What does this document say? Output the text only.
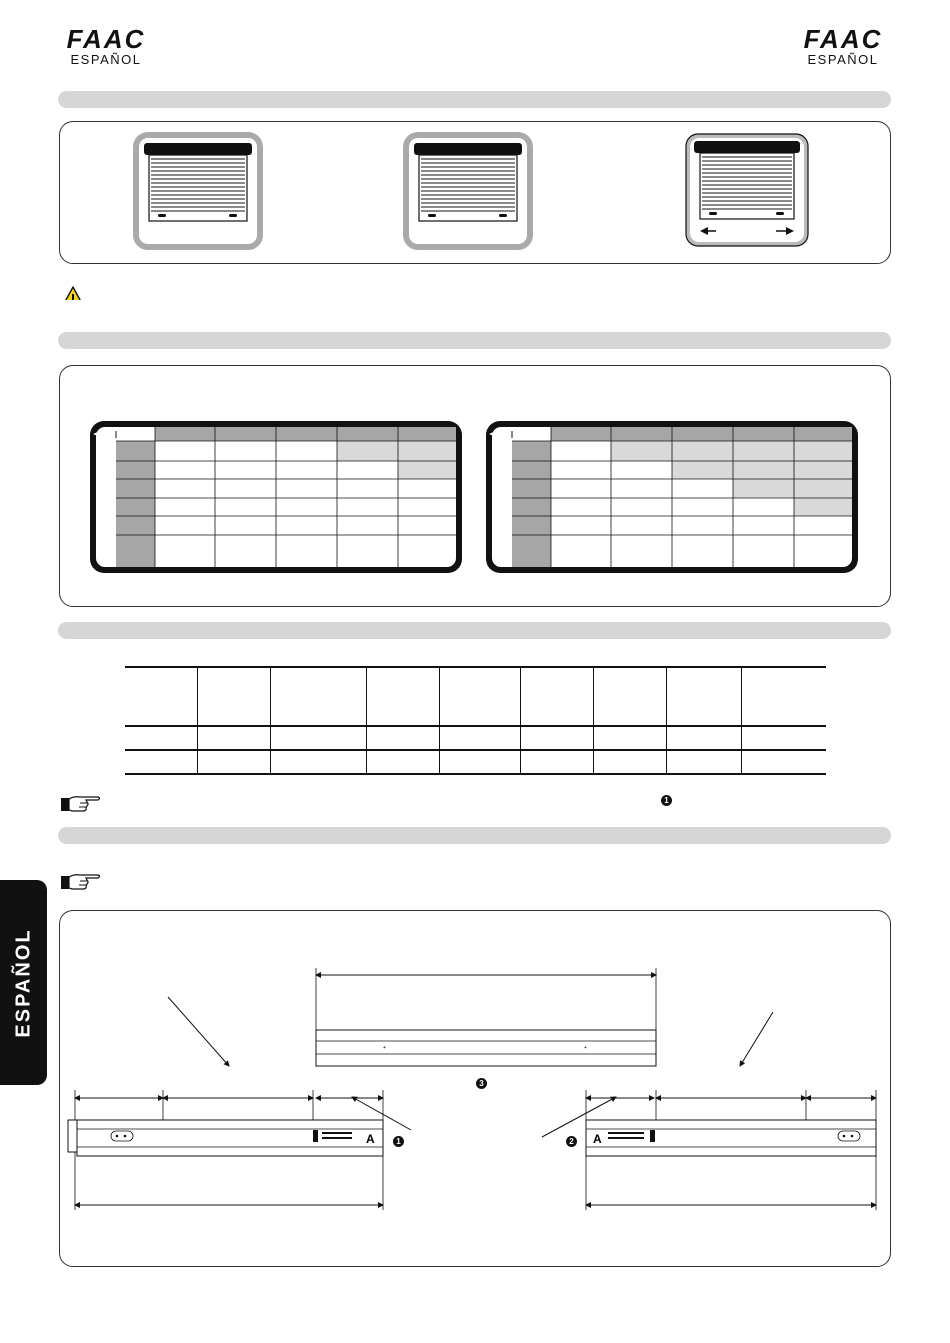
FAAC
ESPAÑOL
FAAC
ESPAÑOL

1
ESPAÑOL
+	+
A	A
3
1	2
